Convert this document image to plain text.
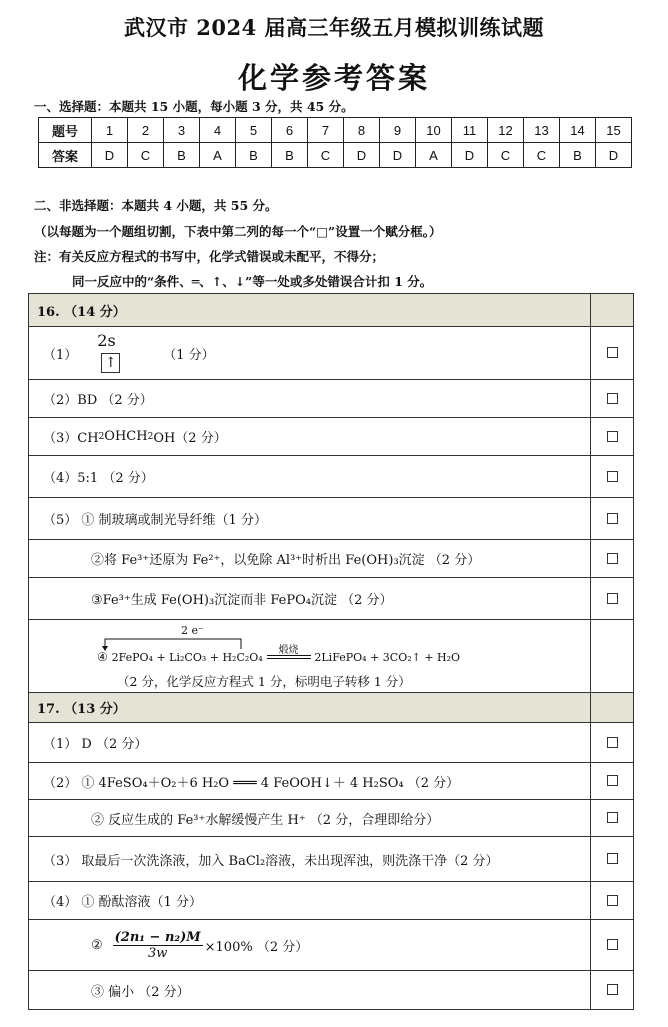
武汉市 2024 届高三年级五月模拟训练试题
化学参考答案
一、选择题：本题共 15 小题，每小题 3 分，共 45 分。
题号	1	2	3	4	5	6	7	8	9	10	11	12	13	14	15
答案	D	C	B	A	B	B	C	D	D	A	D	C	C	B	D
二、非选择题：本题共 4 小题，共 55 分。
（以每题为一个题组切割，下表中第二列的每一个“□”设置一个赋分框。）
注：有关反应方程式的书写中，化学式错误或未配平，不得分；
同一反应中的“条件、═、↑、↓”等一处或多处错误合计扣 1 分。
16. （14 分）
（1）
2s
↑	（1 分）
（2）BD （2 分）
（3）CH 2 OHCH 2 OH（2 分）
（4）5:1 （2 分）
（5） ① 制玻璃或制光导纤维（1 分）
②将 Fe³⁺还原为 Fe²⁺，以免除 Al³⁺时析出 Fe(OH)₃沉淀 （2 分）
③Fe³⁺生成 Fe(OH)₃沉淀而非 FePO₄沉淀 （2 分）
2 e⁻
④ 2FePO₄ + Li₂CO₃ + H₂C₂O₄
煅烧
2LiFePO₄ + 3CO₂↑ + H₂O
（2 分，化学反应方程式 1 分，标明电子转移 1 分）
17. （13 分）
（1） D （2 分）
（2） ① 4FeSO₄＋O₂＋6 H₂O ═══ 4 FeOOH↓＋ 4 H₂SO₄ （2 分）
② 反应生成的 Fe³⁺水解缓慢产生 H⁺ （2 分，合理即给分）
（3） 取最后一次洗涤液，加入 BaCl₂溶液，未出现浑浊，则洗涤干净（2 分）
（4） ① 酚酞溶液（1 分）
② $\frac{\text{(2n₁ − n₂)M}}{3w} \times 100\%$ （2 分）
③ 偏小 （2 分）
